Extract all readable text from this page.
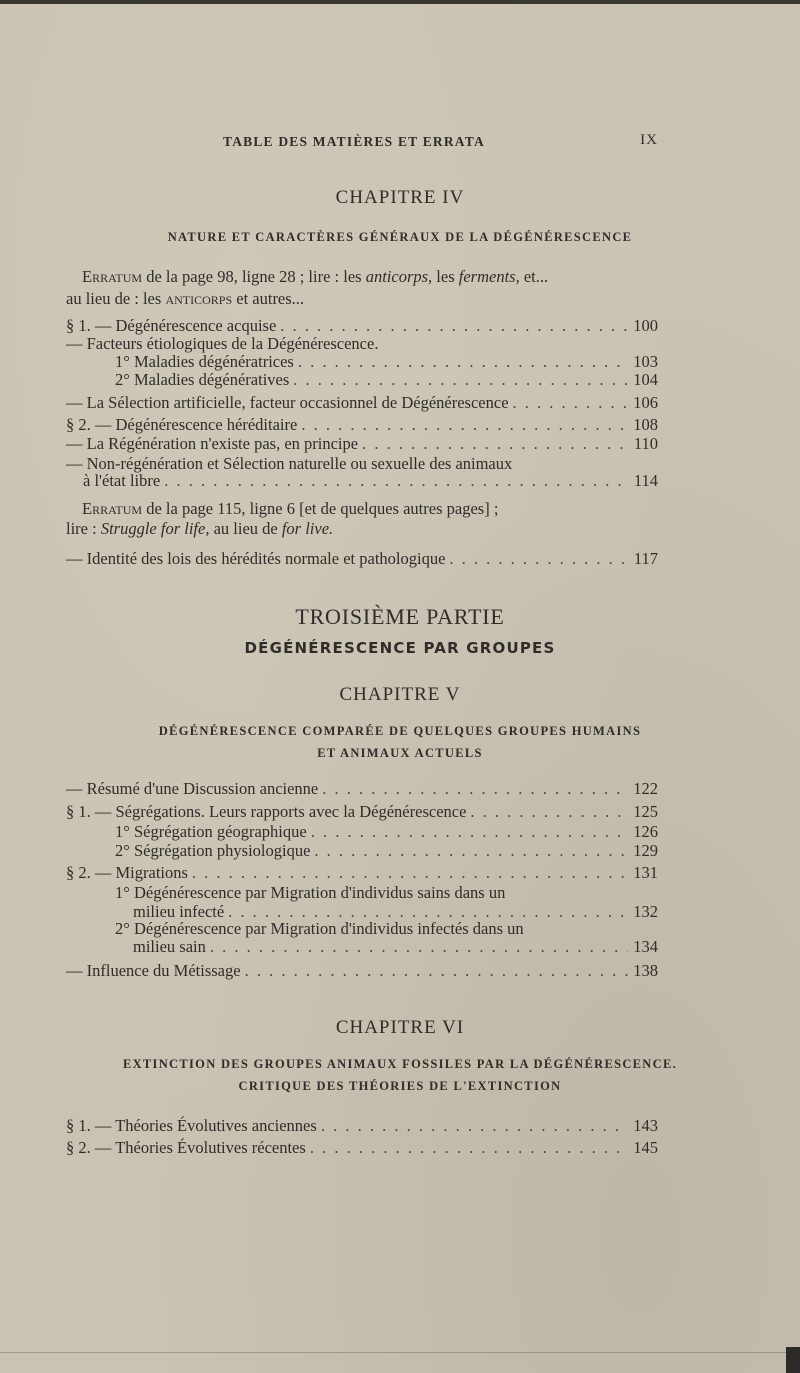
TABLE DES MATIÈRES ET ERRATA	IX
CHAPITRE IV
NATURE ET CARACTÈRES GÉNÉRAUX DE LA DÉGÉNÉRESCENCE
Erratum de la page 98, ligne 28 ; lire : les anticorps, les ferments, et...
au lieu de : les anticorps et autres...
§ 1. — Dégénérescence acquise . . .	100
— Facteurs étiologiques de la Dégénérescence.
1° Maladies dégénératrices . . .	103
2° Maladies dégénératives . . .	104
— La Sélection artificielle, facteur occasionnel de Dégénérescence . . .	106
§ 2. — Dégénérescence héréditaire . . .	108
— La Régénération n'existe pas, en principe . . .	110
— Non-régénération et Sélection naturelle ou sexuelle des animaux
à l'état libre . . .	114
Erratum de la page 115, ligne 6 [et de quelques autres pages] ;
lire : Struggle for life, au lieu de for live.
— Identité des lois des hérédités normale et pathologique . . .	117
TROISIÈME PARTIE
DÉGÉNÉRESCENCE PAR GROUPES
CHAPITRE V
DÉGÉNÉRESCENCE COMPARÉE DE QUELQUES GROUPES HUMAINS
ET ANIMAUX ACTUELS
— Résumé d'une Discussion ancienne . . .	122
§ 1. — Ségrégations. Leurs rapports avec la Dégénérescence . . .	125
1° Ségrégation géographique . . .	126
2° Ségrégation physiologique . . .	129
§ 2. — Migrations . . .	131
1° Dégénérescence par Migration d'individus sains dans un
milieu infecté . . .	132
2° Dégénérescence par Migration d'individus infectés dans un
milieu sain . . .	134
— Influence du Métissage . . .	138
CHAPITRE VI
EXTINCTION DES GROUPES ANIMAUX FOSSILES PAR LA DÉGÉNÉRESCENCE.
CRITIQUE DES THÉORIES DE L'EXTINCTION
§ 1. — Théories Évolutives anciennes . . .	143
§ 2. — Théories Évolutives récentes . . .	145
